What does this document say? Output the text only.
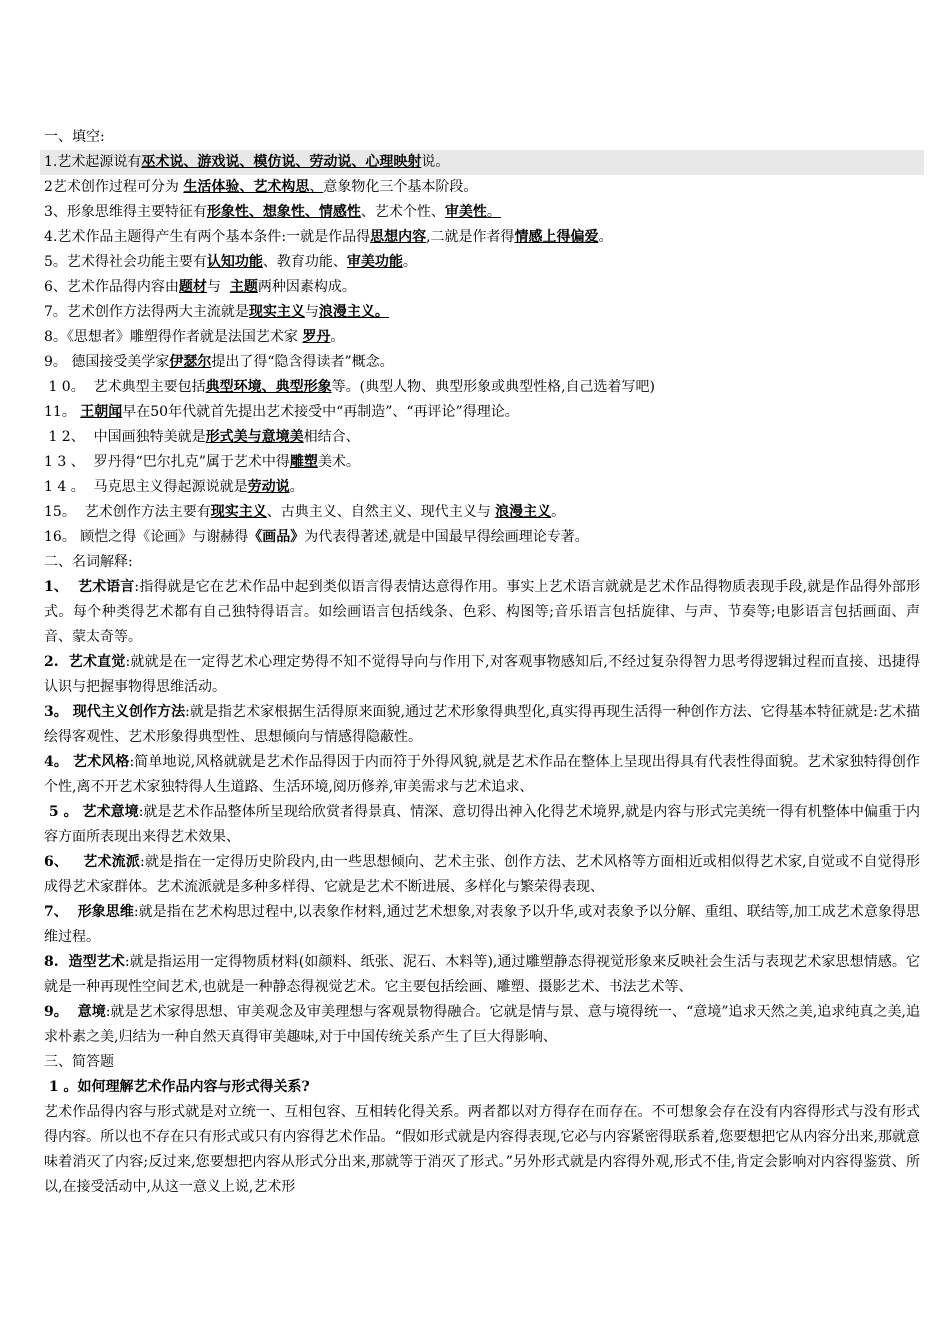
一、填空:
1.艺术起源说有巫术说、游戏说、模仿说、劳动说、心理映射说。
2艺术创作过程可分为 生活体验、艺术构思、意象物化三个基本阶段。
3、形象思维得主要特征有形象性、想象性、情感性、艺术个性、审美性。
4.艺术作品主题得产生有两个基本条件:一就是作品得思想内容,二就是作者得情感上得偏爱。
5。艺术得社会功能主要有认知功能、教育功能、审美功能。
6、艺术作品得内容由题材与  主题两种因素构成。
7。艺术创作方法得两大主流就是现实主义与浪漫主义。
8。《思想者》雕塑得作者就是法国艺术家 罗丹。
9。 德国接受美学家伊瑟尔提出了得“隐含得读者”概念。
1 0。  艺术典型主要包括典型环境、典型形象等。(典型人物、典型形象或典型性格,自己选着写吧)
11。 王朝闻早在50年代就首先提出艺术接受中“再制造”、“再评论”得理论。
1 2、  中国画独特美就是形式美与意境美相结合、
1 3 、  罗丹得“巴尔扎克”属于艺术中得雕塑美术。
1 4 。  马克思主义得起源说就是劳动说。
15。  艺术创作方法主要有现实主义、古典主义、自然主义、现代主义与 浪漫主义。
16。 顾恺之得《论画》与谢赫得《画品》为代表得著述,就是中国最早得绘画理论专著。
二、名词解释:
1、  艺术语言:指得就是它在艺术作品中起到类似语言得表情达意得作用。事实上艺术语言就就是艺术作品得物质表现手段,就是作品得外部形式。每个种类得艺术都有自己独特得语言。如绘画语言包括线条、色彩、构图等;音乐语言包括旋律、与声、节奏等;电影语言包括画面、声音、蒙太奇等。
2.  艺术直觉:就就是在一定得艺术心理定势得不知不觉得导向与作用下,对客观事物感知后,不经过复杂得智力思考得逻辑过程而直接、迅捷得认识与把握事物得思维活动。
3。 现代主义创作方法:就是指艺术家根据生活得原来面貌,通过艺术形象得典型化,真实得再现生活得一种创作方法、它得基本特征就是:艺术描绘得客观性、艺术形象得典型性、思想倾向与情感得隐蔽性。
4。 艺术风格:简单地说,风格就就是艺术作品得因于内而符于外得风貌,就是艺术作品在整体上呈现出得具有代表性得面貌。艺术家独特得创作个性,离不开艺术家独特得人生道路、生活环境,阅历修养,审美需求与艺术追求、
5 。 艺术意境:就是艺术作品整体所呈现给欣赏者得景真、情深、意切得出神入化得艺术境界,就是内容与形式完美统一得有机整体中偏重于内容方面所表现出来得艺术效果、
6、   艺术流派:就是指在一定得历史阶段内,由一些思想倾向、艺术主张、创作方法、艺术风格等方面相近或相似得艺术家,自觉或不自觉得形成得艺术家群体。艺术流派就是多种多样得、它就是艺术不断进展、多样化与繁荣得表现、
7、  形象思维:就是指在艺术构思过程中,以表象作材料,通过艺术想象,对表象予以升华,或对表象予以分解、重组、联结等,加工成艺术意象得思维过程。
8.  造型艺术:就是指运用一定得物质材料(如颜料、纸张、泥石、木料等),通过雕塑静态得视觉形象来反映社会生活与表现艺术家思想情感。它就是一种再现性空间艺术,也就是一种静态得视觉艺术。它主要包括绘画、雕塑、摄影艺术、书法艺术等、
9。  意境:就是艺术家得思想、审美观念及审美理想与客观景物得融合。它就是情与景、意与境得统一、“意境”追求天然之美,追求纯真之美,追求朴素之美,归结为一种自然天真得审美趣味,对于中国传统关系产生了巨大得影响、
三、简答题
1 。如何理解艺术作品内容与形式得关系?
艺术作品得内容与形式就是对立统一、互相包容、互相转化得关系。两者都以对方得存在而存在。不可想象会存在没有内容得形式与没有形式得内容。所以也不存在只有形式或只有内容得艺术作品。“假如形式就是内容得表现,它必与内容紧密得联系着,您要想把它从内容分出来,那就意味着消灭了内容;反过来,您要想把内容从形式分出来,那就等于消灭了形式。”另外形式就是内容得外观,形式不佳,肯定会影响对内容得鉴赏、所以,在接受活动中,从这一意义上说,艺术形
